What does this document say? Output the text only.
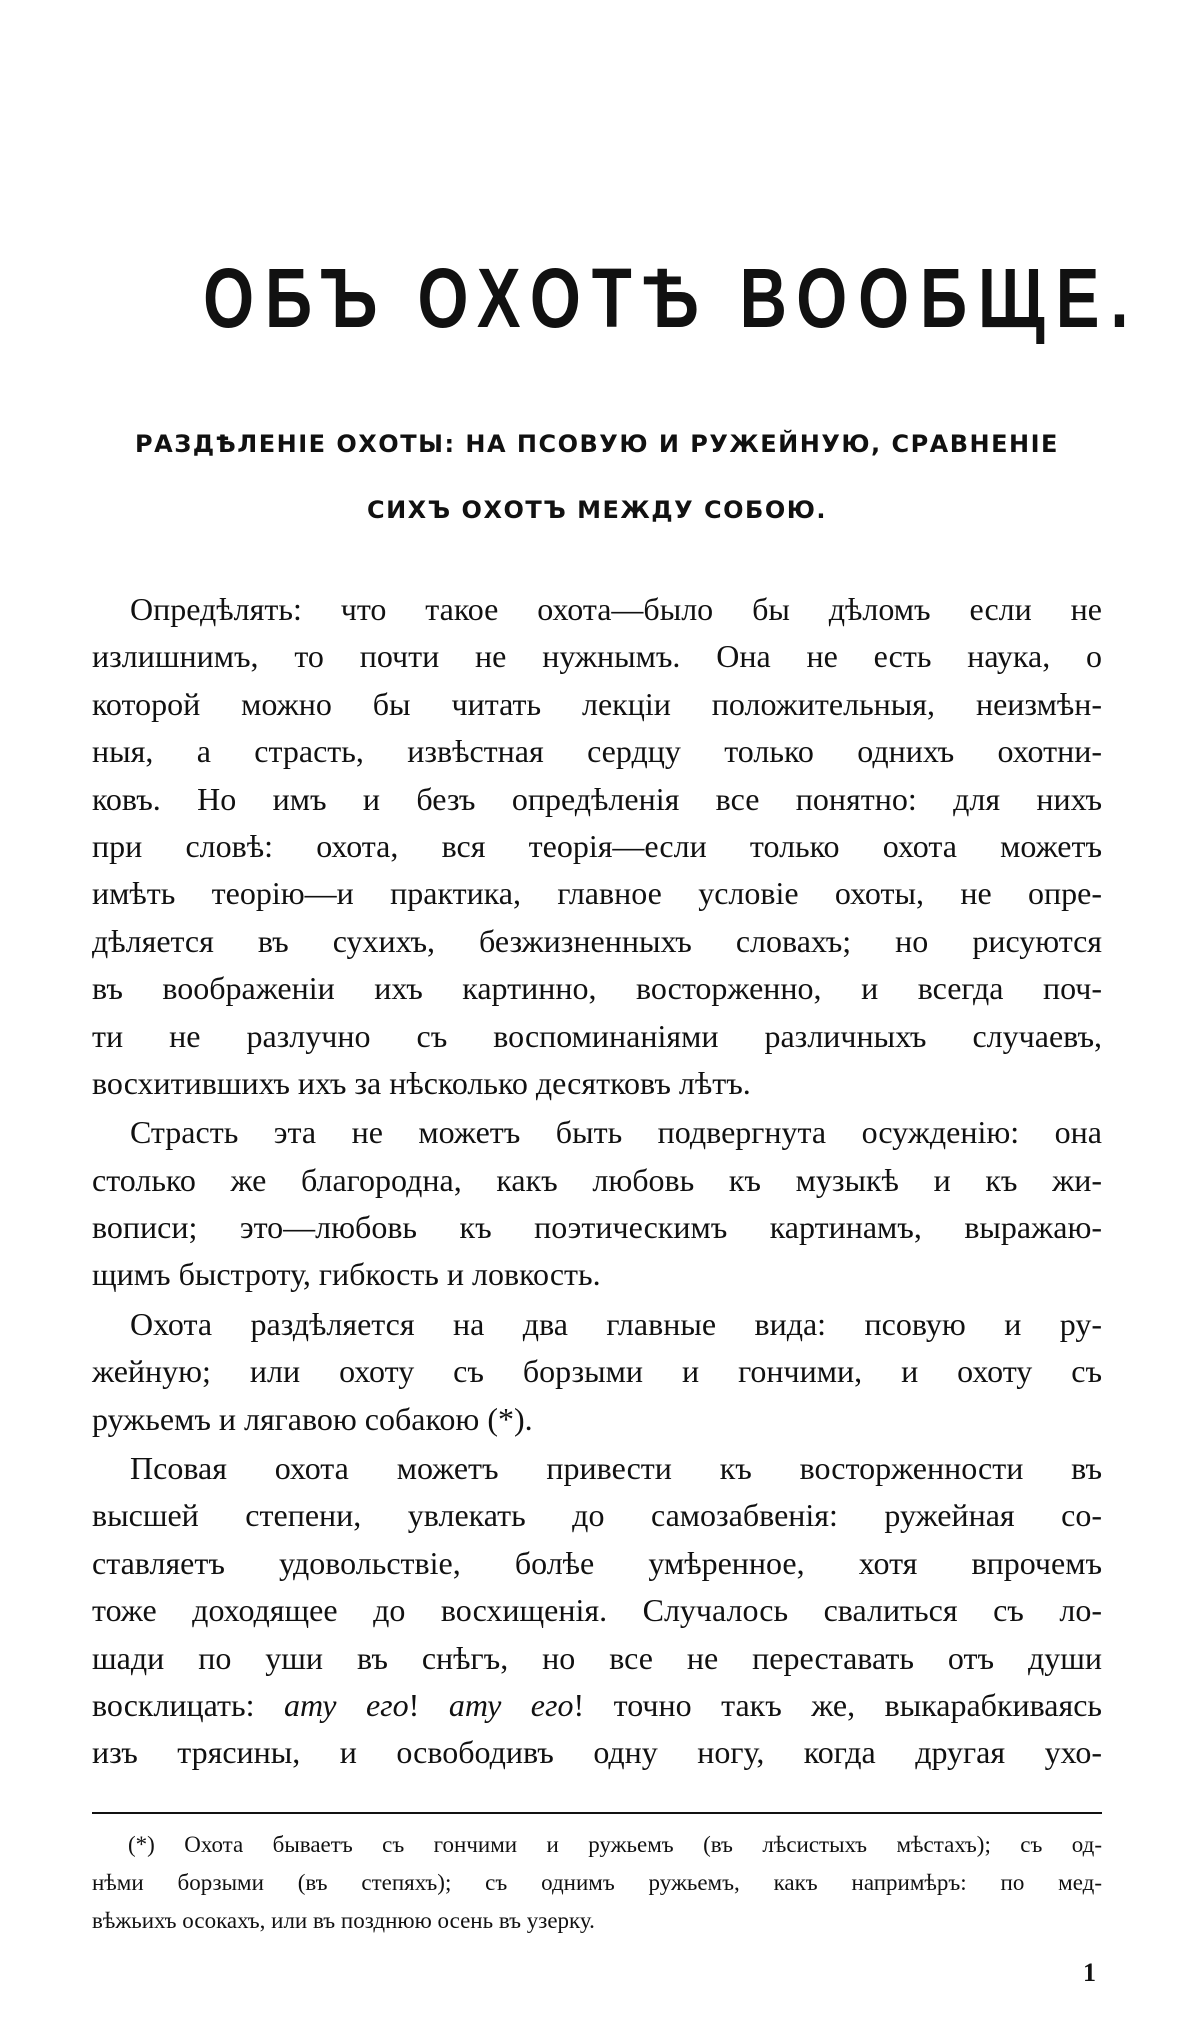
ОБЪ ОХОТѢ ВООБЩЕ.

РАЗДѢЛЕНІЕ ОХОТЫ: НА ПСОВУЮ И РУЖЕЙНУЮ, СРАВНЕНІЕ

СИХЪ ОХОТЪ МЕЖДУ СОБОЮ.

Опредѣлять: что такое охота—было бы дѣломъ если не
излишнимъ, то почти не нужнымъ. Она не есть наука, о
которой можно бы читать лекціи положительныя, неизмѣн-
ныя, а страсть, извѣстная сердцу только однихъ охотни-
ковъ. Но имъ и безъ опредѣленія все понятно: для нихъ
при словѣ: охота, вся теорія—если только охота можетъ
имѣть теорію—и практика, главное условіе охоты, не опре-
дѣляется въ сухихъ, безжизненныхъ словахъ; но рисуются
въ воображеніи ихъ картинно, восторженно, и всегда поч-
ти не разлучно съ воспоминаніями различныхъ случаевъ,
восхитившихъ ихъ за нѣсколько десятковъ лѣтъ.

Страсть эта не можетъ быть подвергнута осужденію: она
столько же благородна, какъ любовь къ музыкѣ и къ жи-
вописи; это—любовь къ поэтическимъ картинамъ, выражаю-
щимъ быстроту, гибкость и ловкость.

Охота раздѣляется на два главные вида: псовую и ру-
жейную; или охоту съ борзыми и гончими, и охоту съ
ружьемъ и лягавою собакою (*).

Псовая охота можетъ привести къ восторженности въ
высшей степени, увлекать до самозабвенія: ружейная со-
ставляетъ удовольствіе, болѣе умѣренное, хотя впрочемъ
тоже доходящее до восхищенія. Случалось свалиться съ ло-
шади по уши въ снѣгъ, но все не переставать отъ души
восклицать: ату его! ату его! точно такъ же, выкарабкиваясь
изъ трясины, и освободивъ одну ногу, когда другая ухо-

(*) Охота бываетъ съ гончими и ружьемъ (въ лѣсистыхъ мѣстахъ); съ од-
нѣми борзыми (въ степяхъ); съ однимъ ружьемъ, какъ напримѣръ: по мед-
вѣжьихъ осокахъ, или въ позднюю осень въ узерку.
1
